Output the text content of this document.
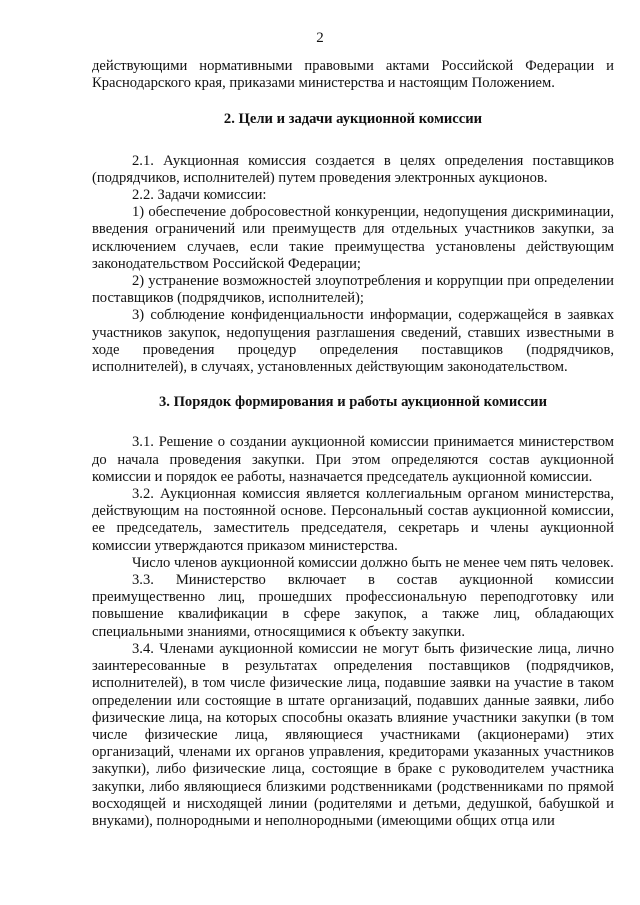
2

действующими нормативными правовыми актами Российской Федерации и Краснодарского края, приказами министерства и настоящим Положением.

2. Цели и задачи аукционной комиссии

2.1. Аукционная комиссия создается в целях определения поставщиков (подрядчиков, исполнителей) путем проведения электронных аукционов.

2.2. Задачи комиссии:

1) обеспечение добросовестной конкуренции, недопущения дискриминации, введения ограничений или преимуществ для отдельных участников закупки, за исключением случаев, если такие преимущества установлены действующим законодательством Российской Федерации;

2) устранение возможностей злоупотребления и коррупции при определении поставщиков (подрядчиков, исполнителей);

3) соблюдение конфиденциальности информации, содержащейся в заявках участников закупок, недопущения разглашения сведений, ставших известными в ходе проведения процедур определения поставщиков (подрядчиков, исполнителей), в случаях, установленных действующим законодательством.

3. Порядок формирования и работы аукционной комиссии

3.1. Решение о создании аукционной комиссии принимается министерством до начала проведения закупки. При этом определяются состав аукционной комиссии и порядок ее работы, назначается председатель аукционной комиссии.

3.2. Аукционная комиссия является коллегиальным органом министерства, действующим на постоянной основе. Персональный состав аукционной комиссии, ее председатель, заместитель председателя, секретарь и члены аукционной комиссии утверждаются приказом министерства.

Число членов аукционной комиссии должно быть не менее чем пять человек.

3.3. Министерство включает в состав аукционной комиссии преимущественно лиц, прошедших профессиональную переподготовку или повышение квалификации в сфере закупок, а также лиц, обладающих специальными знаниями, относящимися к объекту закупки.

3.4. Членами аукционной комиссии не могут быть физические лица, лично заинтересованные в результатах определения поставщиков (подрядчиков, исполнителей), в том числе физические лица, подавшие заявки на участие в таком определении или состоящие в штате организаций, подавших данные заявки, либо физические лица, на которых способны оказать влияние участники закупки (в том числе физические лица, являющиеся участниками (акционерами) этих организаций, членами их органов управления, кредиторами указанных участников закупки), либо физические лица, состоящие в браке с руководителем участника закупки, либо являющиеся близкими родственниками (родственниками по прямой восходящей и нисходящей линии (родителями и детьми, дедушкой, бабушкой и внуками), полнородными и неполнородными (имеющими общих отца или
